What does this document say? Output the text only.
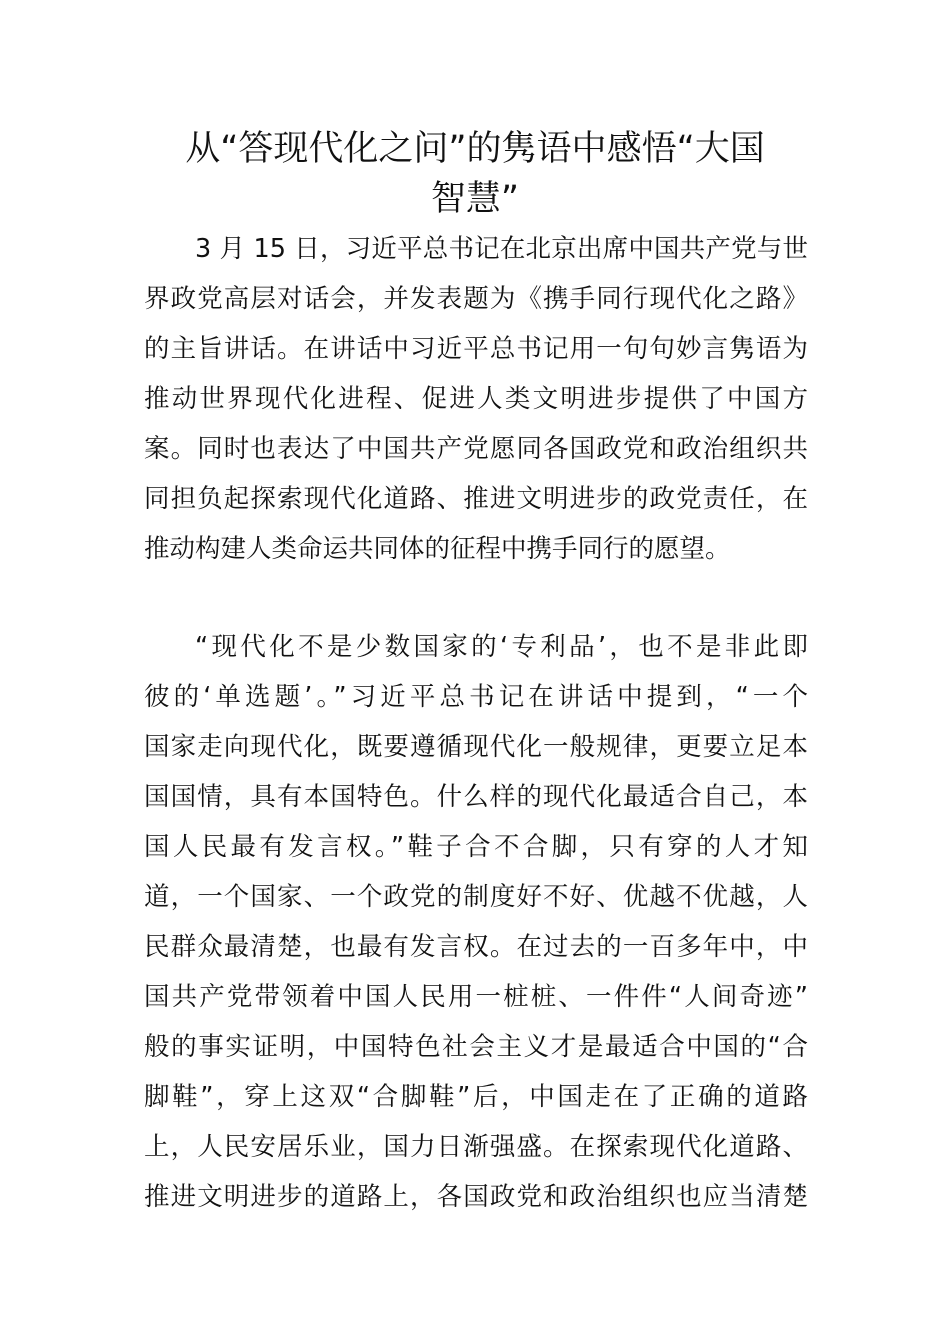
从“答现代化之问”的隽语中感悟“大国
智慧”
3 月 15 日，习近平总书记在北京出席中国共产党与世
界政党高层对话会，并发表题为《携手同行现代化之路》
的主旨讲话。在讲话中习近平总书记用一句句妙言隽语为
推动世界现代化进程、促进人类文明进步提供了中国方
案。同时也表达了中国共产党愿同各国政党和政治组织共
同担负起探索现代化道路、推进文明进步的政党责任，在
推动构建人类命运共同体的征程中携手同行的愿望。
“现代化不是少数国家的‘专利品’，也不是非此即
彼的‘单选题’。”习近平总书记在讲话中提到，“一个
国家走向现代化，既要遵循现代化一般规律，更要立足本
国国情，具有本国特色。什么样的现代化最适合自己，本
国人民最有发言权。”鞋子合不合脚，只有穿的人才知
道，一个国家、一个政党的制度好不好、优越不优越，人
民群众最清楚，也最有发言权。在过去的一百多年中，中
国共产党带领着中国人民用一桩桩、一件件“人间奇迹”
般的事实证明，中国特色社会主义才是最适合中国的“合
脚鞋”，穿上这双“合脚鞋”后，中国走在了正确的道路
上，人民安居乐业，国力日渐强盛。在探索现代化道路、
推进文明进步的道路上，各国政党和政治组织也应当清楚
